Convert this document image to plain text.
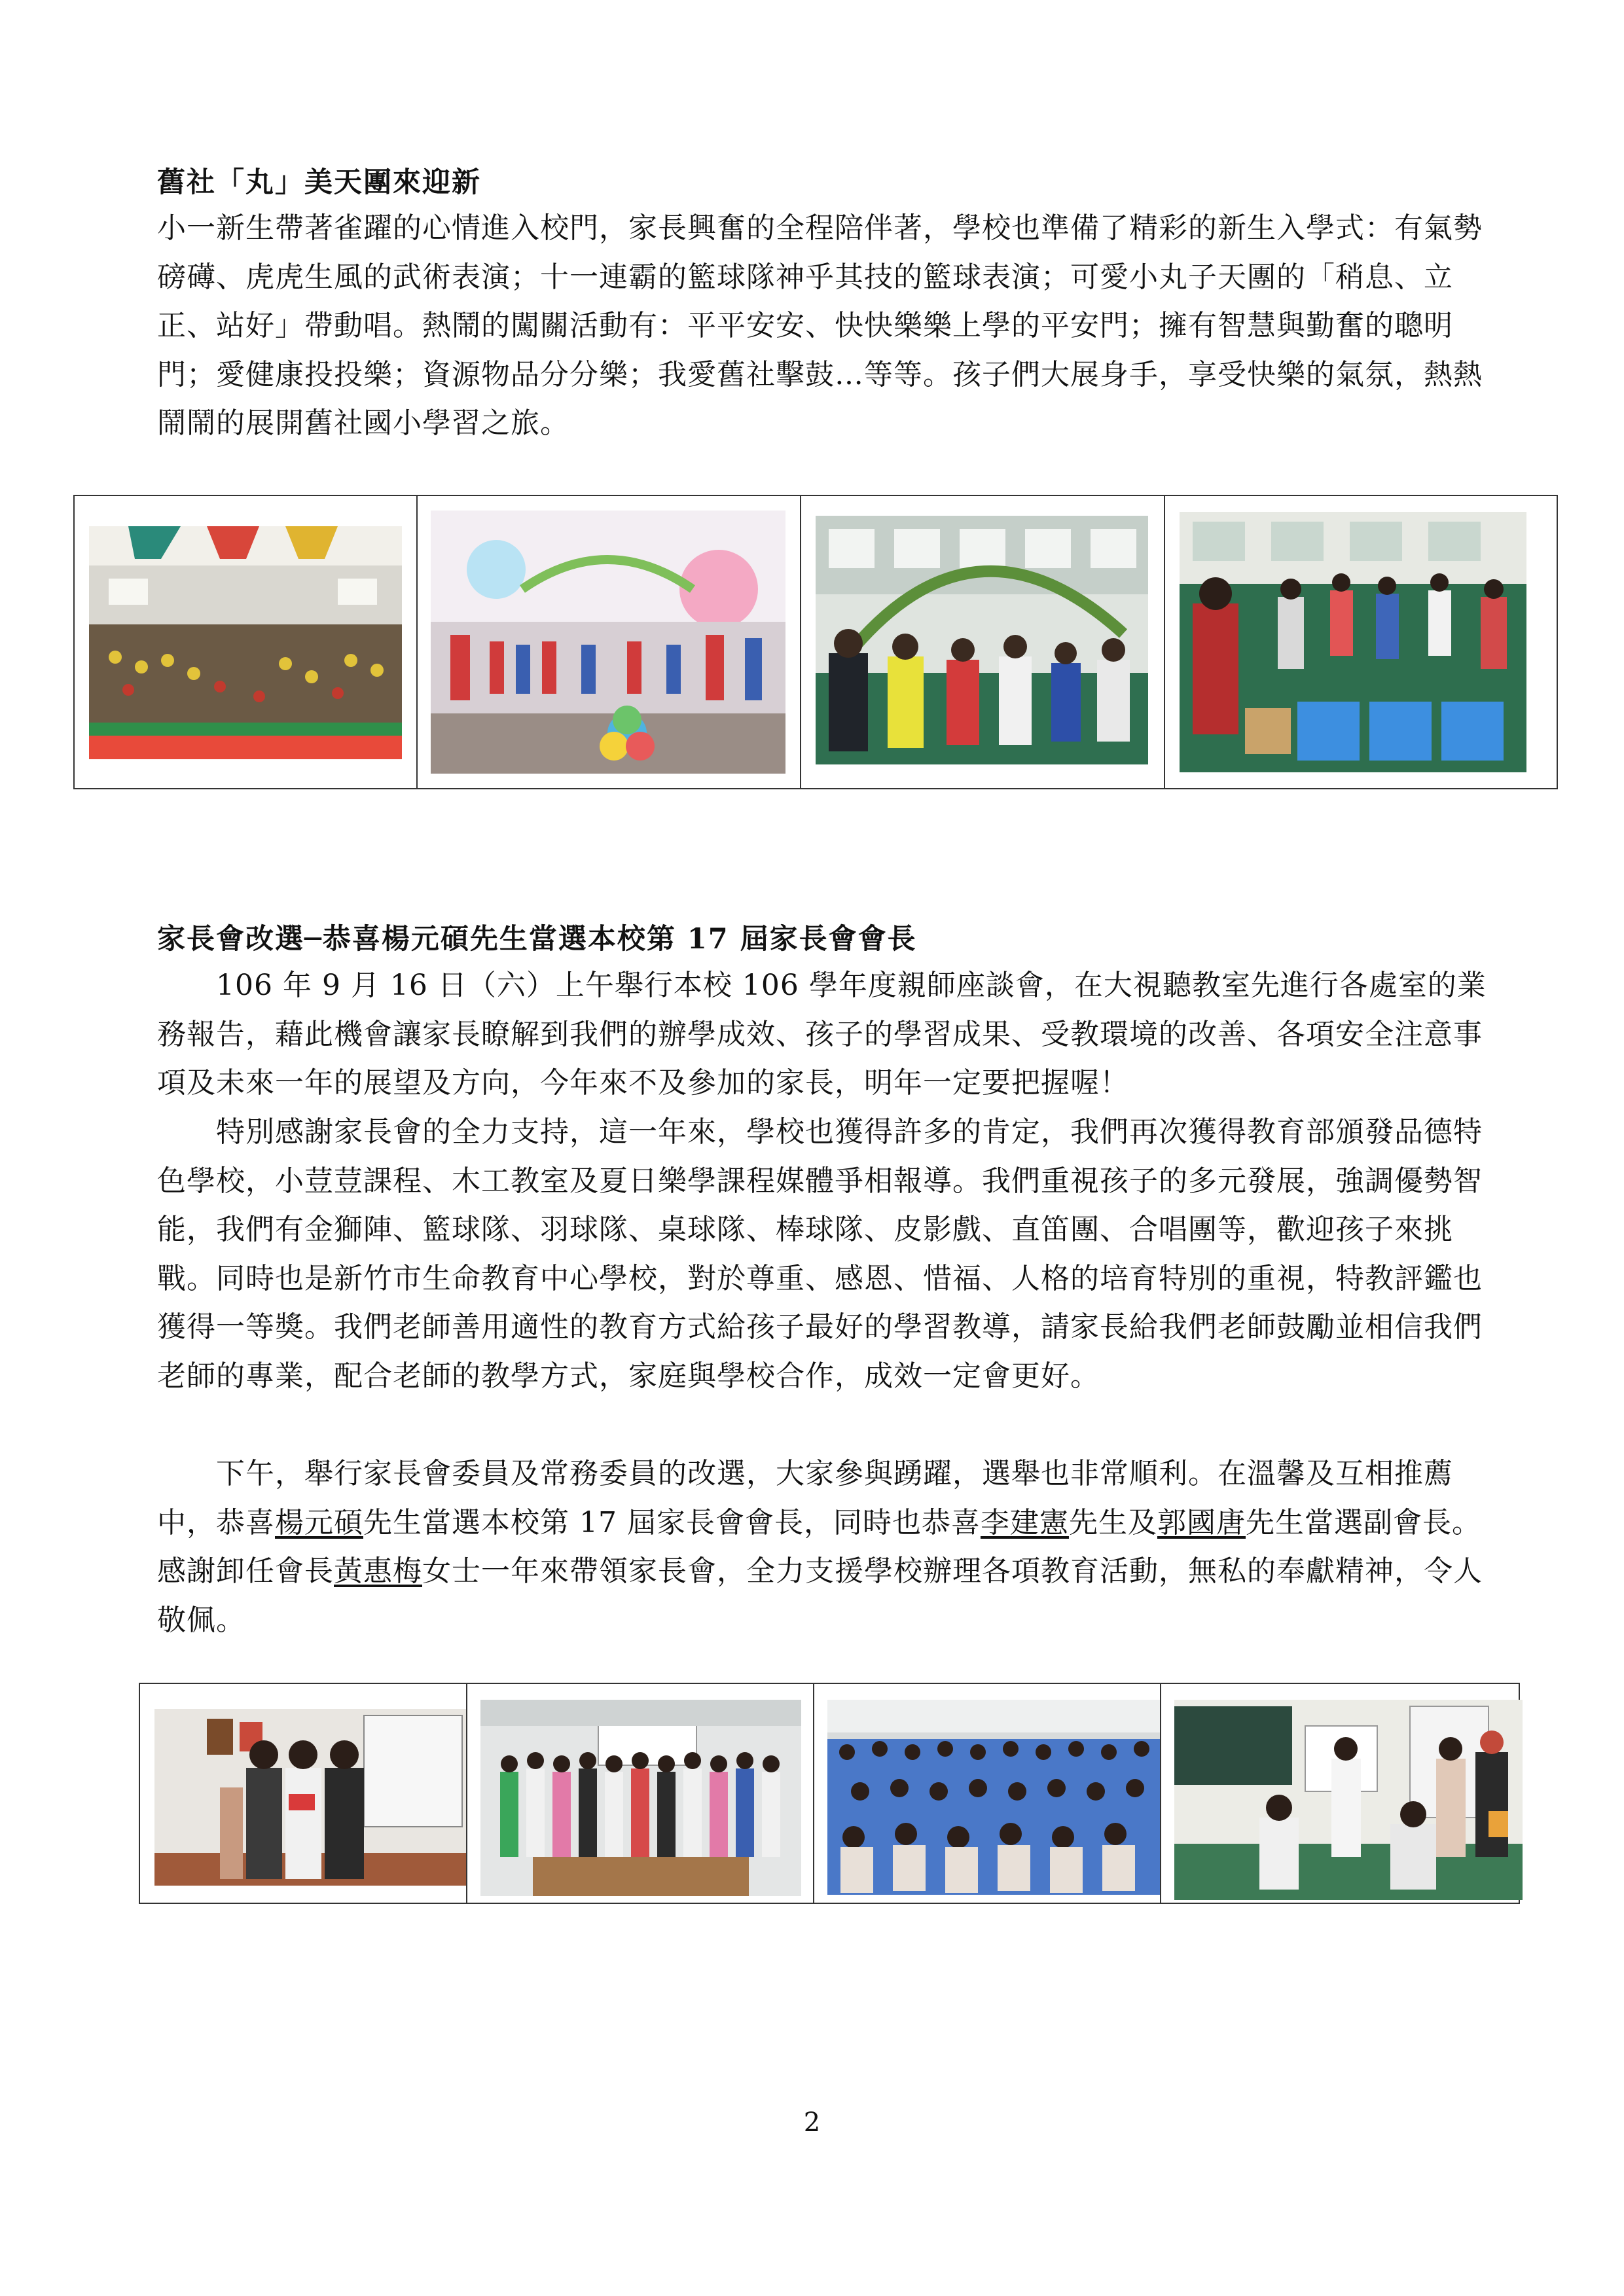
舊社「丸」美天團來迎新

小一新生帶著雀躍的心情進入校門，家長興奮的全程陪伴著，學校也準備了精彩的新生入學式：有氣勢磅礡、虎虎生風的武術表演；十一連霸的籃球隊神乎其技的籃球表演；可愛小丸子天團的「稍息、立正、站好」帶動唱。熱鬧的闖關活動有：平平安安、快快樂樂上學的平安門；擁有智慧與勤奮的聰明門；愛健康投投樂；資源物品分分樂；我愛舊社擊鼓…等等。孩子們大展身手，享受快樂的氣氛，熱熱鬧鬧的展開舊社國小學習之旅。

家長會改選─恭喜楊元碩先生當選本校第 17 屆家長會會長

106 年 9 月 16 日（六）上午舉行本校 106 學年度親師座談會，在大視聽教室先進行各處室的業務報告，藉此機會讓家長瞭解到我們的辦學成效、孩子的學習成果、受教環境的改善、各項安全注意事項及未來一年的展望及方向，今年來不及參加的家長，明年一定要把握喔！

特別感謝家長會的全力支持，這一年來，學校也獲得許多的肯定，我們再次獲得教育部頒發品德特色學校，小荳荳課程、木工教室及夏日樂學課程媒體爭相報導。我們重視孩子的多元發展，強調優勢智能，我們有金獅陣、籃球隊、羽球隊、桌球隊、棒球隊、皮影戲、直笛團、合唱團等，歡迎孩子來挑戰。同時也是新竹市生命教育中心學校，對於尊重、感恩、惜福、人格的培育特別的重視，特教評鑑也獲得一等獎。我們老師善用適性的教育方式給孩子最好的學習教導，請家長給我們老師鼓勵並相信我們老師的專業，配合老師的教學方式，家庭與學校合作，成效一定會更好。

下午，舉行家長會委員及常務委員的改選，大家參與踴躍，選舉也非常順利。在溫馨及互相推薦中，恭喜楊元碩先生當選本校第 17 屆家長會會長，同時也恭喜李建憲先生及郭國唐先生當選副會長。感謝卸任會長黃惠梅女士一年來帶領家長會，全力支援學校辦理各項教育活動，無私的奉獻精神，令人敬佩。

2
